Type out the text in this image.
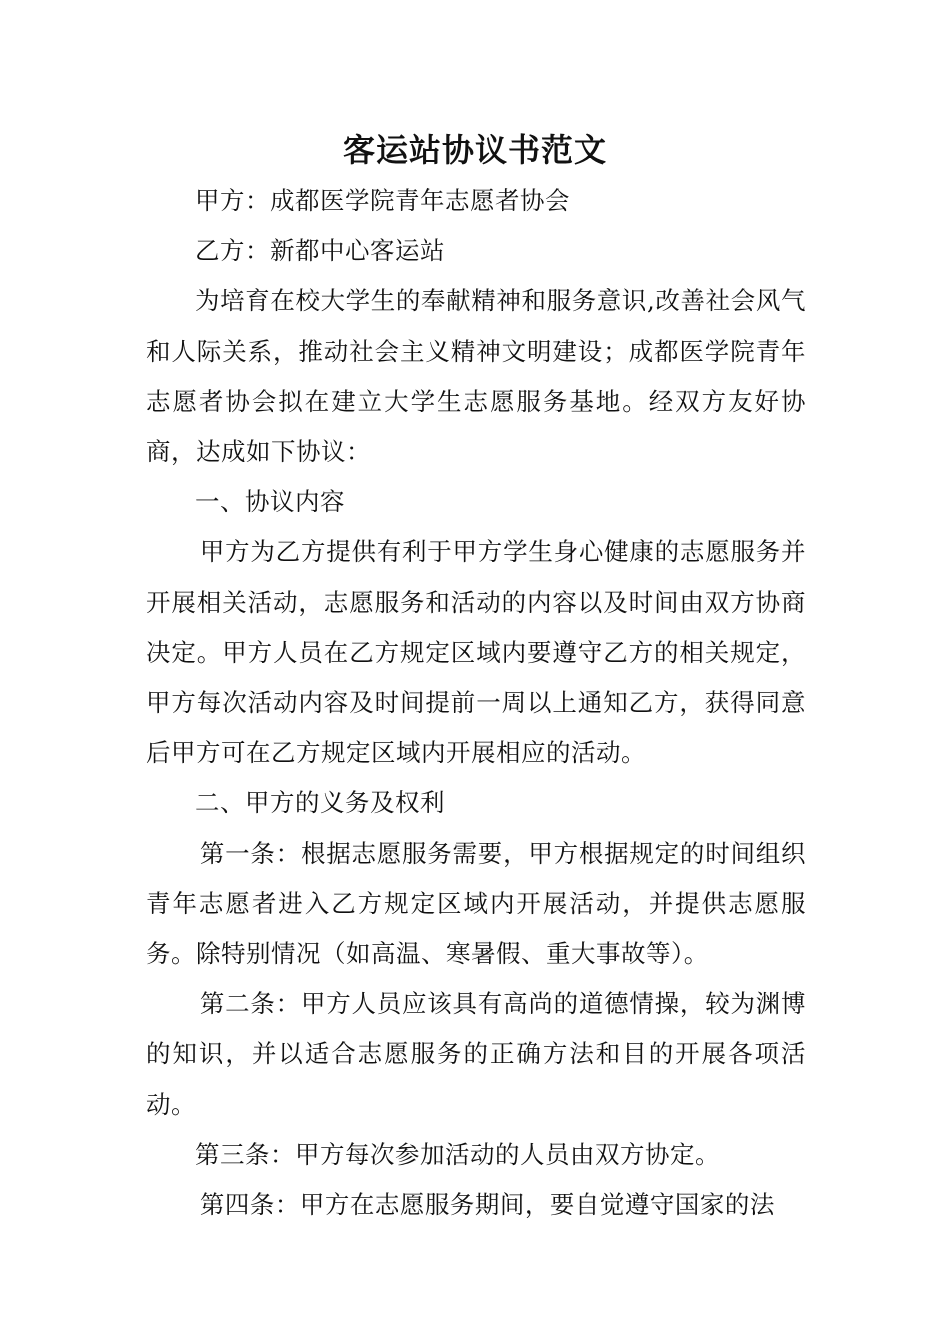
客运站协议书范文

甲方：成都医学院青年志愿者协会

乙方：新都中心客运站

为培育在校大学生的奉献精神和服务意识,改善社会风气和人际关系，推动社会主义精神文明建设；成都医学院青年志愿者协会拟在建立大学生志愿服务基地。经双方友好协商，达成如下协议：

一、协议内容

甲方为乙方提供有利于甲方学生身心健康的志愿服务并开展相关活动，志愿服务和活动的内容以及时间由双方协商决定。甲方人员在乙方规定区域内要遵守乙方的相关规定，甲方每次活动内容及时间提前一周以上通知乙方，获得同意后甲方可在乙方规定区域内开展相应的活动。

二、甲方的义务及权利

第一条：根据志愿服务需要，甲方根据规定的时间组织青年志愿者进入乙方规定区域内开展活动，并提供志愿服务。除特别情况（如高温、寒暑假、重大事故等）。

第二条：甲方人员应该具有高尚的道德情操，较为渊博的知识，并以适合志愿服务的正确方法和目的开展各项活动。

第三条：甲方每次参加活动的人员由双方协定。

第四条：甲方在志愿服务期间，要自觉遵守国家的法
